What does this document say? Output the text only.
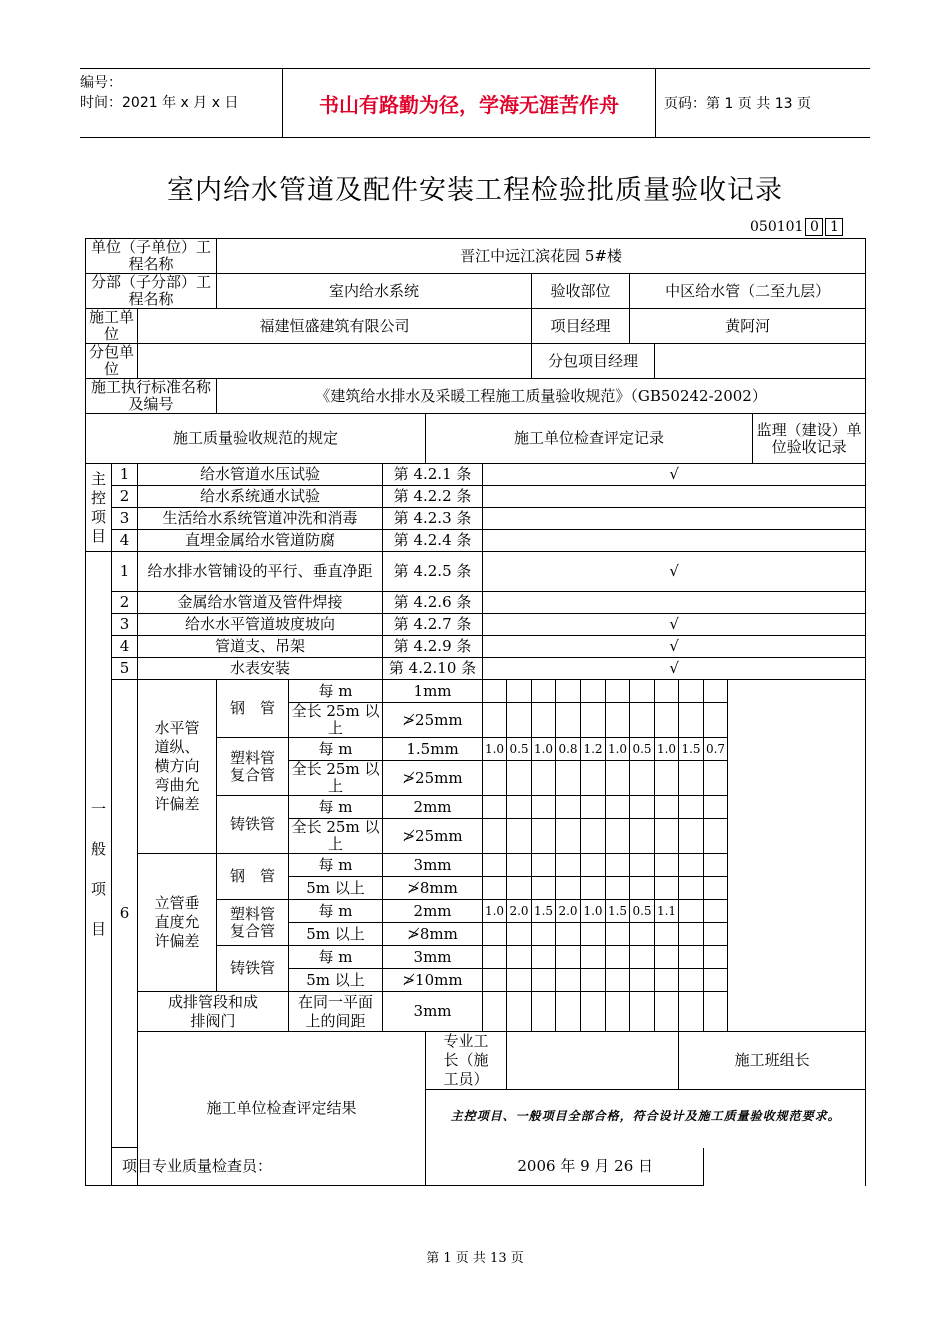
编号：
时间：2021 年 x 月 x 日	书山有路勤为径，学海无涯苦作舟	页码：第 1 页 共 13 页
室内给水管道及配件安装工程检验批质量验收记录
050101 0 1
单位（子单位）工程名称			晋江中远江滨花园 5#楼															
分部（子分部）工程名称			室内给水系统						验收部位				中区给水管（二至九层）					
施工单位		福建恒盛建筑有限公司							项目经理				黄阿河					
分包单位									分包项目经理									
施工执行标准名称及编号			《建筑给水排水及采暖工程施工质量验收规范》（GB50242-2002）															
施工质量验收规范的规定						施工单位检查评定记录											监理（建设）单位验收记录	

主控项目	1	给水管道水压试验			第 4.2.1 条		√											
	2	给水系统通水试验			第 4.2.2 条													
	3	生活给水系统管道冲洗和消毒			第 4.2.3 条													
	4	直埋金属给水管道防腐			第 4.2.4 条													

一般项目	1	给水排水管铺设的平行、垂直净距			第 4.2.5 条		√											
	2	金属给水管道及管件焊接			第 4.2.6 条													
	3	给水水平管道坡度坡向			第 4.2.7 条		√											
	4	管道支、吊架			第 4.2.9 条		√											
	5	水表安装			第 4.2.10 条		√											
	6	水平管道纵、横方向弯曲允许偏差	钢　管	每 m	1mm													
				全长 25m 以上	≯25mm													
			塑料管复合管	每 m	1.5mm		1.0	0.5	1.0	0.8	1.2	1.0	0.5	1.0	1.5	0.7		
				全长 25m 以上	≯25mm													
			铸铁管	每 m	2mm													
				全长 25m 以上	≯25mm													
		立管垂直度允许偏差	钢　管	每 m	3mm													
				5m 以上	≯8mm													
			塑料管复合管	每 m	2mm		1.0	2.0	1.5	2.0	1.0	1.5	0.5	1.1				
				5m 以上	≯8mm													
			铸铁管	每 m	3mm													
				5m 以上	≯10mm													
		成排管段和成排阀门		在同一平面上的间距	3mm													
		施工单位检查评定结果				专业工长（施工员）									施工班组长			
						主控项目、一般项目全部合格，符合设计及施工质量验收规范要求。												
	项目专业质量检查员： 2006 年 9 月 26 日																	
第 1 页 共 13 页
